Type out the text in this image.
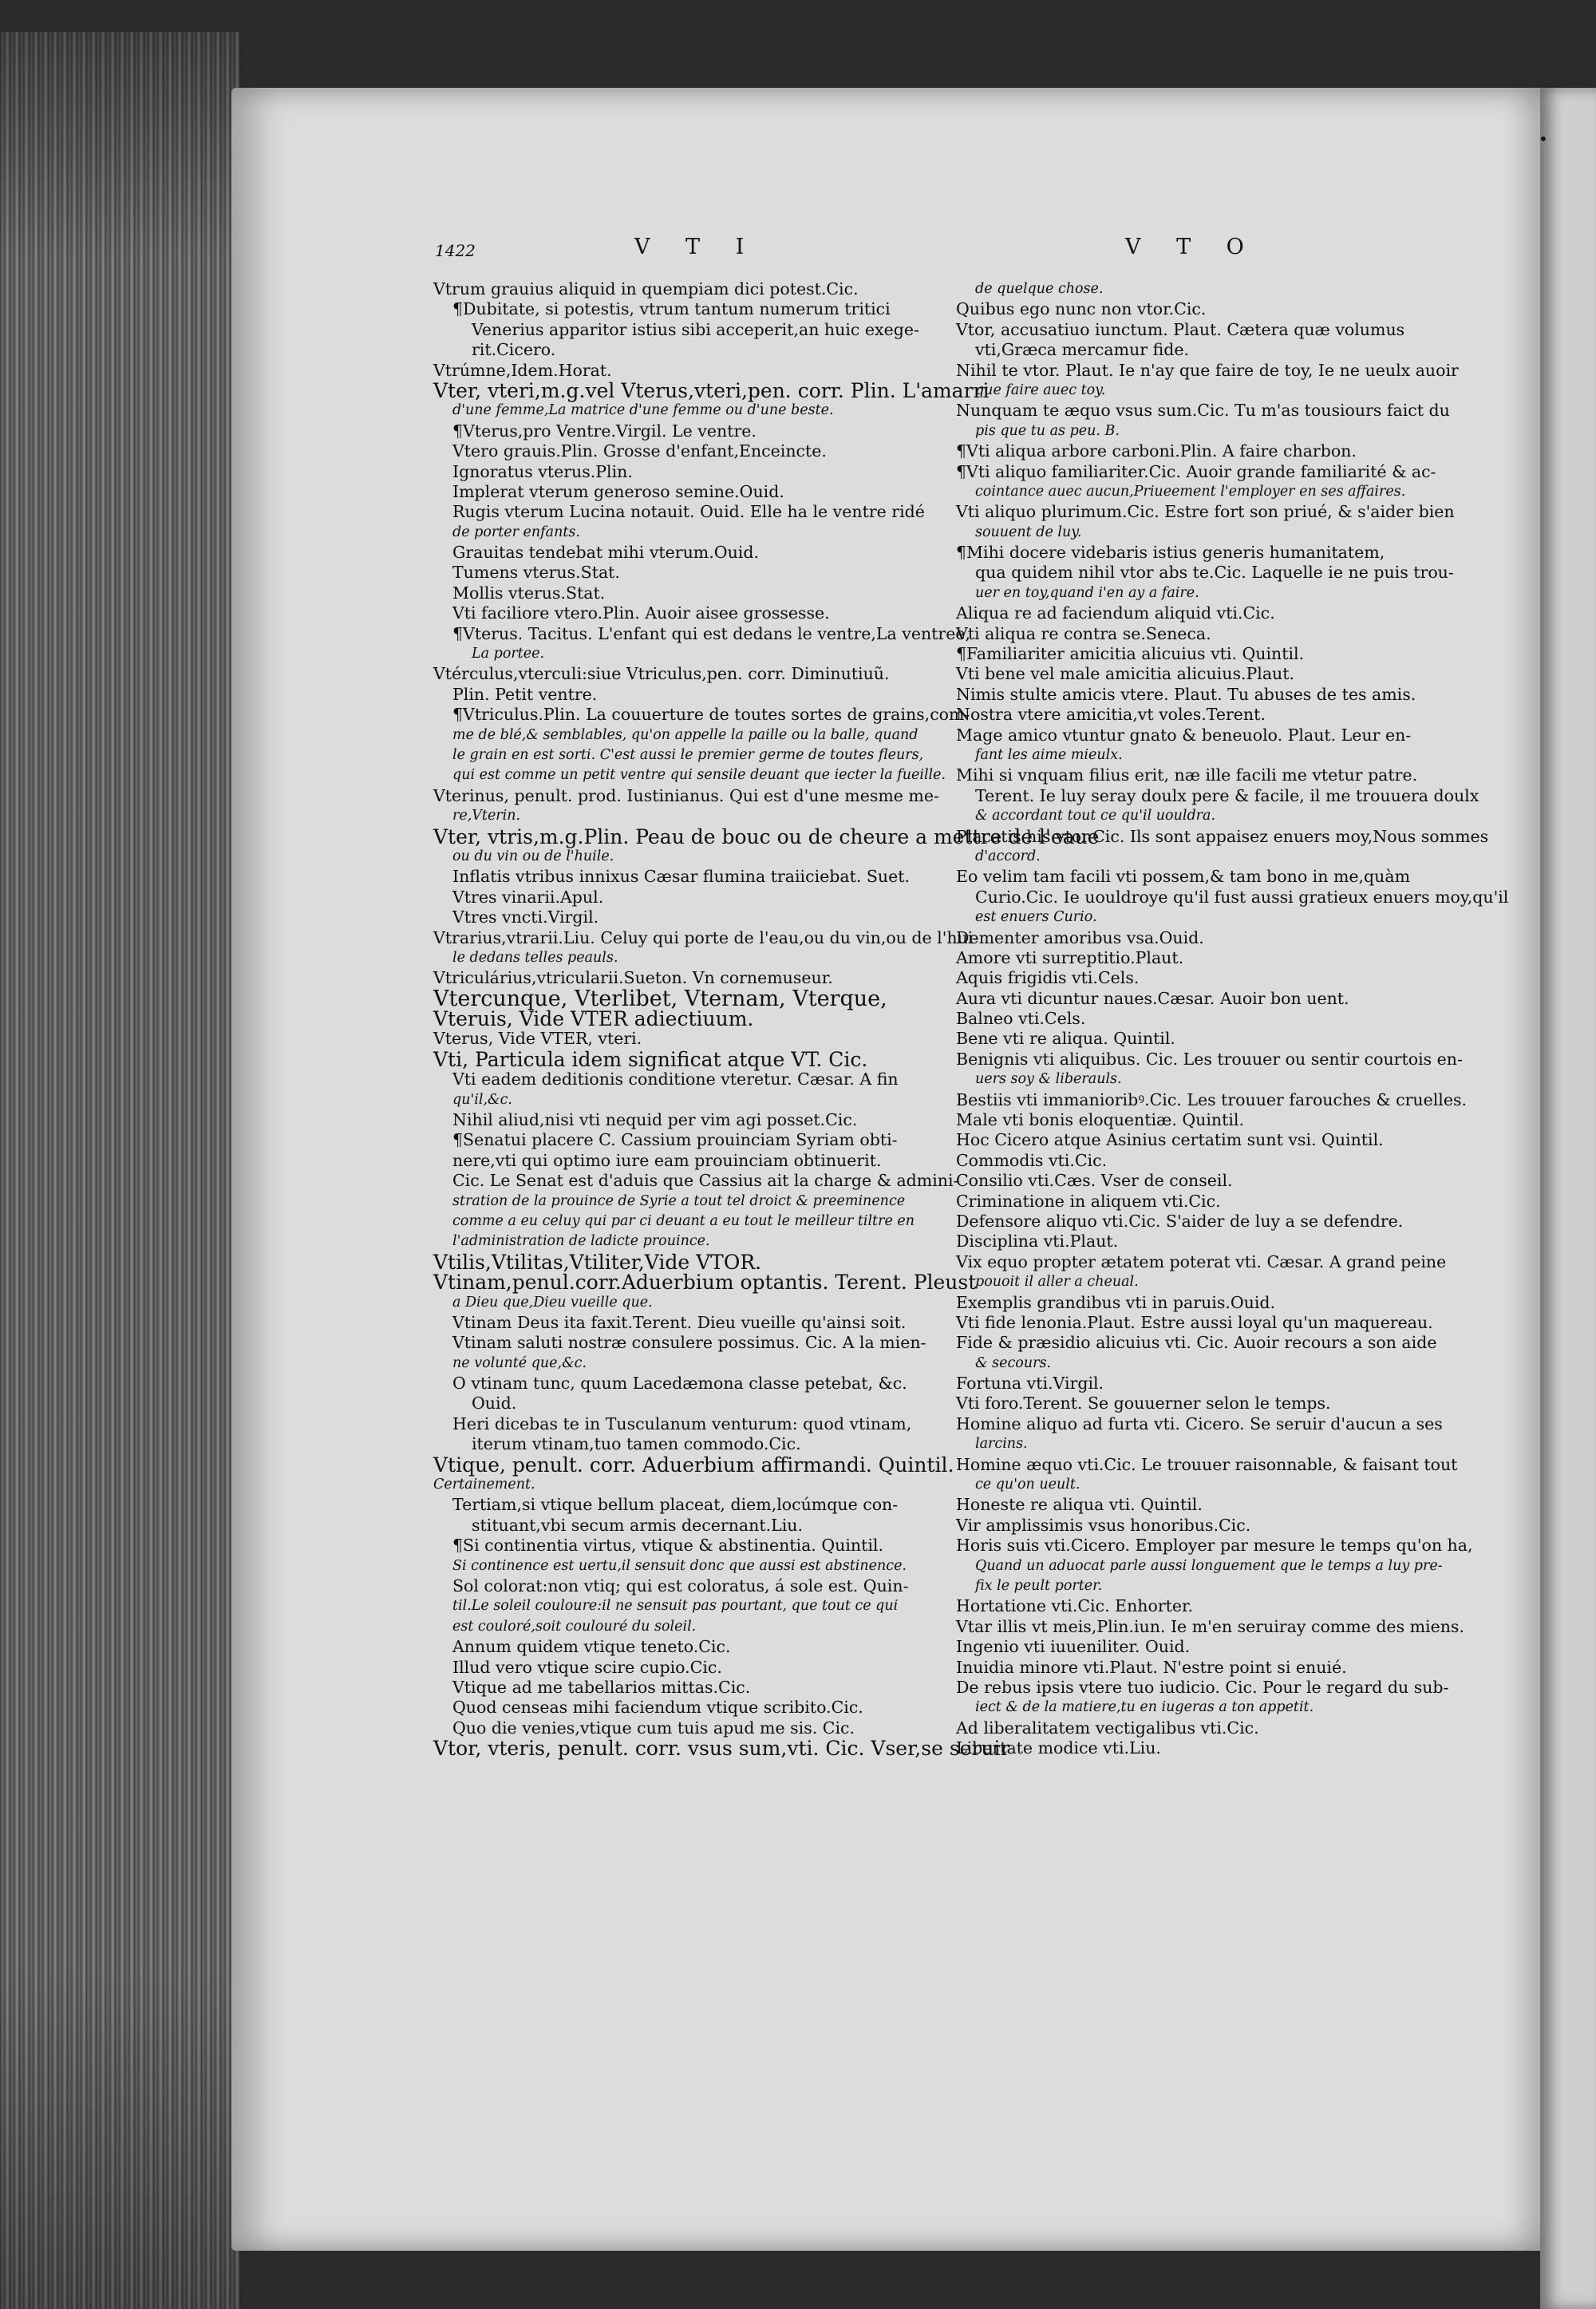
•
1422	V T I	V T O
Vtrum grauius aliquid in quempiam dici potest.Cic.
¶Dubitate, si potestis, vtrum tantum numerum tritici
Venerius apparitor istius sibi acceperit,an huic exege-
rit.Cicero.
Vtrúmne,Idem.Horat.
Vter, vteri,m.g.vel Vterus,vteri,pen. corr. Plin. L'amarri
d'une femme,La matrice d'une femme ou d'une beste.
¶Vterus,pro Ventre.Virgil. Le ventre.
Vtero grauis.Plin. Grosse d'enfant,Enceincte.
Ignoratus vterus.Plin.
Implerat vterum generoso semine.Ouid.
Rugis vterum Lucina notauit. Ouid. Elle ha le ventre ridé
de porter enfants.
Grauitas tendebat mihi vterum.Ouid.
Tumens vterus.Stat.
Mollis vterus.Stat.
Vti faciliore vtero.Plin. Auoir aisee grossesse.
¶Vterus. Tacitus. L'enfant qui est dedans le ventre,La ventree,
La portee.
Vtérculus,vterculi:siue Vtriculus,pen. corr. Diminutiuũ.
Plin. Petit ventre.
¶Vtriculus.Plin. La couuerture de toutes sortes de grains,com-
me de blé,& semblables, qu'on appelle la paille ou la balle, quand
le grain en est sorti. C'est aussi le premier germe de toutes fleurs,
qui est comme un petit ventre qui sensile deuant que iecter la fueille.
Vterinus, penult. prod. Iustinianus. Qui est d'une mesme me-
re,Vterin.
Vter, vtris,m.g.Plin. Peau de bouc ou de cheure a mettre de l'eaue
ou du vin ou de l'huile.
Inflatis vtribus innixus Cæsar flumina traiiciebat. Suet.
Vtres vinarii.Apul.
Vtres vncti.Virgil.
Vtrarius,vtrarii.Liu. Celuy qui porte de l'eau,ou du vin,ou de l'hui-
le dedans telles peauls.
Vtriculárius,vtricularii.Sueton. Vn cornemuseur.
Vtercunque, Vterlibet, Vternam, Vterque,
Vteruis, Vide VTER adiectiuum.
Vterus, Vide VTER, vteri.
Vti, Particula idem significat atque VT. Cic.
Vti eadem deditionis conditione vteretur. Cæsar. A fin
qu'il,&c.
Nihil aliud,nisi vti nequid per vim agi posset.Cic.
¶Senatui placere C. Cassium prouinciam Syriam obti-
nere,vti qui optimo iure eam prouinciam obtinuerit.
Cic. Le Senat est d'aduis que Cassius ait la charge & admini-
stration de la prouince de Syrie a tout tel droict & preeminence
comme a eu celuy qui par ci deuant a eu tout le meilleur tiltre en
l'administration de ladicte prouince.
Vtilis,Vtilitas,Vtiliter,Vide VTOR.
Vtinam,penul.corr.Aduerbium optantis. Terent. Pleust
a Dieu que,Dieu vueille que.
Vtinam Deus ita faxit.Terent. Dieu vueille qu'ainsi soit.
Vtinam saluti nostræ consulere possimus. Cic. A la mien-
ne volunté que,&c.
O vtinam tunc, quum Lacedæmona classe petebat, &c.
Ouid.
Heri dicebas te in Tusculanum venturum: quod vtinam,
iterum vtinam,tuo tamen commodo.Cic.
Vtique, penult. corr. Aduerbium affirmandi. Quintil.
Certainement.
Tertiam,si vtique bellum placeat, diem,locúmque con-
stituant,vbi secum armis decernant.Liu.
¶Si continentia virtus, vtique & abstinentia. Quintil.
Si continence est uertu,il sensuit donc que aussi est abstinence.
Sol colorat:non vtiq; qui est coloratus, á sole est. Quin-
til.Le soleil couloure:il ne sensuit pas pourtant, que tout ce qui
est couloré,soit coulouré du soleil.
Annum quidem vtique teneto.Cic.
Illud vero vtique scire cupio.Cic.
Vtique ad me tabellarios mittas.Cic.
Quod censeas mihi faciendum vtique scribito.Cic.
Quo die venies,vtique cum tuis apud me sis. Cic.
Vtor, vteris, penult. corr. vsus sum,vti. Cic. Vser,se seruir
de quelque chose.
Quibus ego nunc non vtor.Cic.
Vtor, accusatiuo iunctum. Plaut. Cætera quæ volumus
vti,Græca mercamur fide.
Nihil te vtor. Plaut. Ie n'ay que faire de toy, Ie ne ueulx auoir
que faire auec toy.
Nunquam te æquo vsus sum.Cic. Tu m'as tousiours faict du
pis que tu as peu. B.
¶Vti aliqua arbore carboni.Plin. A faire charbon.
¶Vti aliquo familiariter.Cic. Auoir grande familiarité & ac-
cointance auec aucun,Priueement l'employer en ses affaires.
Vti aliquo plurimum.Cic. Estre fort son priué, & s'aider bien
souuent de luy.
¶Mihi docere videbaris istius generis humanitatem,
qua quidem nihil vtor abs te.Cic. Laquelle ie ne puis trou-
uer en toy,quand i'en ay a faire.
Aliqua re ad faciendum aliquid vti.Cic.
Vti aliqua re contra se.Seneca.
¶Familiariter amicitia alicuius vti. Quintil.
Vti bene vel male amicitia alicuius.Plaut.
Nimis stulte amicis vtere. Plaut. Tu abuses de tes amis.
Nostra vtere amicitia,vt voles.Terent.
Mage amico vtuntur gnato & beneuolo. Plaut. Leur en-
fant les aime mieulx.
Mihi si vnquam filius erit, næ ille facili me vtetur patre.
Terent. Ie luy seray doulx pere & facile, il me trouuera doulx
& accordant tout ce qu'il uouldra.
Placatis his vtor.Cic. Ils sont appaisez enuers moy,Nous sommes
d'accord.
Eo velim tam facili vti possem,& tam bono in me,quàm
Curio.Cic. Ie uouldroye qu'il fust aussi gratieux enuers moy,qu'il
est enuers Curio.
Dementer amoribus vsa.Ouid.
Amore vti surreptitio.Plaut.
Aquis frigidis vti.Cels.
Aura vti dicuntur naues.Cæsar. Auoir bon uent.
Balneo vti.Cels.
Bene vti re aliqua. Quintil.
Benignis vti aliquibus. Cic. Les trouuer ou sentir courtois en-
uers soy & liberauls.
Bestiis vti immanioribꝰ.Cic. Les trouuer farouches & cruelles.
Male vti bonis eloquentiæ. Quintil.
Hoc Cicero atque Asinius certatim sunt vsi. Quintil.
Commodis vti.Cic.
Consilio vti.Cæs. Vser de conseil.
Criminatione in aliquem vti.Cic.
Defensore aliquo vti.Cic. S'aider de luy a se defendre.
Disciplina vti.Plaut.
Vix equo propter ætatem poterat vti. Cæsar. A grand peine
pouoit il aller a cheual.
Exemplis grandibus vti in paruis.Ouid.
Vti fide lenonia.Plaut. Estre aussi loyal qu'un maquereau.
Fide & præsidio alicuius vti. Cic. Auoir recours a son aide
& secours.
Fortuna vti.Virgil.
Vti foro.Terent. Se gouuerner selon le temps.
Homine aliquo ad furta vti. Cicero. Se seruir d'aucun a ses
larcins.
Homine æquo vti.Cic. Le trouuer raisonnable, & faisant tout
ce qu'on ueult.
Honeste re aliqua vti. Quintil.
Vir amplissimis vsus honoribus.Cic.
Horis suis vti.Cicero. Employer par mesure le temps qu'on ha,
Quand un aduocat parle aussi longuement que le temps a luy pre-
fix le peult porter.
Hortatione vti.Cic. Enhorter.
Vtar illis vt meis,Plin.iun. Ie m'en seruiray comme des miens.
Ingenio vti iuueniliter. Ouid.
Inuidia minore vti.Plaut. N'estre point si enuié.
De rebus ipsis vtere tuo iudicio. Cic. Pour le regard du sub-
iect & de la matiere,tu en iugeras a ton appetit.
Ad liberalitatem vectigalibus vti.Cic.
Libertate modice vti.Liu.
